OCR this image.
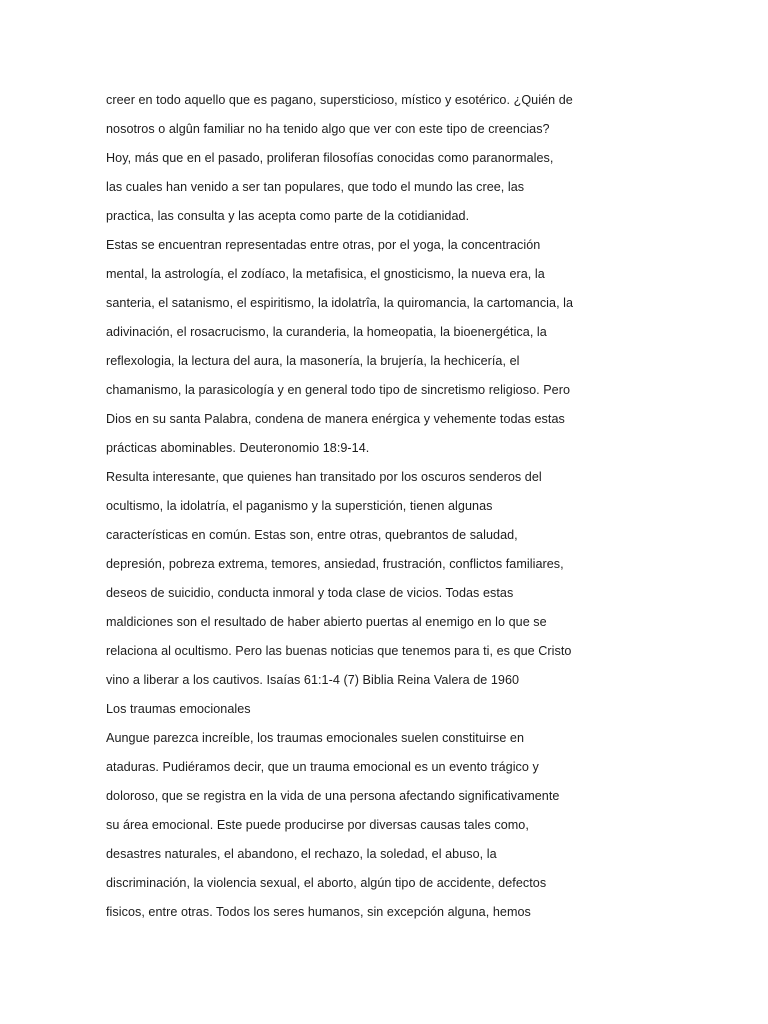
creer en todo aquello que es pagano, supersticioso, místico y esotérico. ¿Quién de
nosotros o algûn familiar no ha tenido algo que ver con este tipo de creencias?
Hoy, más que en el pasado, proliferan filosofías conocidas como paranormales,
las cuales han venido a ser tan populares, que todo el mundo las cree, las
practica, las consulta y las acepta como parte de la cotidianidad.
Estas se encuentran representadas entre otras, por el yoga, la concentración
mental, la astrología, el zodíaco, la metafisica, el gnosticismo, la nueva era, la
santeria, el satanismo, el espiritismo, la idolatrîa, la quiromancia, la cartomancia, la
adivinación, el rosacrucismo, la curanderia, la homeopatia, la bioenergética, la
reflexologia, la lectura del aura, la masonería, la brujería, la hechicería, el
chamanismo, la parasicología y en general todo tipo de sincretismo religioso. Pero
Dios en su santa Palabra, condena de manera enérgica y vehemente todas estas
prácticas abominables. Deuteronomio 18:9-14.
Resulta interesante, que quienes han transitado por los oscuros senderos del
ocultismo, la idolatría, el paganismo y la superstición, tienen algunas
características en común. Estas son, entre otras, quebrantos de saludad,
depresión, pobreza extrema, temores, ansiedad, frustración, conflictos familiares,
deseos de suicidio, conducta inmoral y toda clase de vicios. Todas estas
maldiciones son el resultado de haber abierto puertas al enemigo en lo que se
relaciona al ocultismo. Pero las buenas noticias que tenemos para ti, es que Cristo
vino a liberar a los cautivos. Isaías 61:1-4 (7) Biblia Reina Valera de 1960
Los traumas emocionales
Aungue parezca increíble, los traumas emocionales suelen constituirse en
ataduras. Pudiéramos decir, que un trauma emocional es un evento trágico y
doloroso, que se registra en la vida de una persona afectando significativamente
su área emocional. Este puede producirse por diversas causas tales como,
desastres naturales, el abandono, el rechazo, la soledad, el abuso, la
discriminación, la violencia sexual, el aborto, algún tipo de accidente, defectos
fisicos, entre otras. Todos los seres humanos, sin excepción alguna, hemos
